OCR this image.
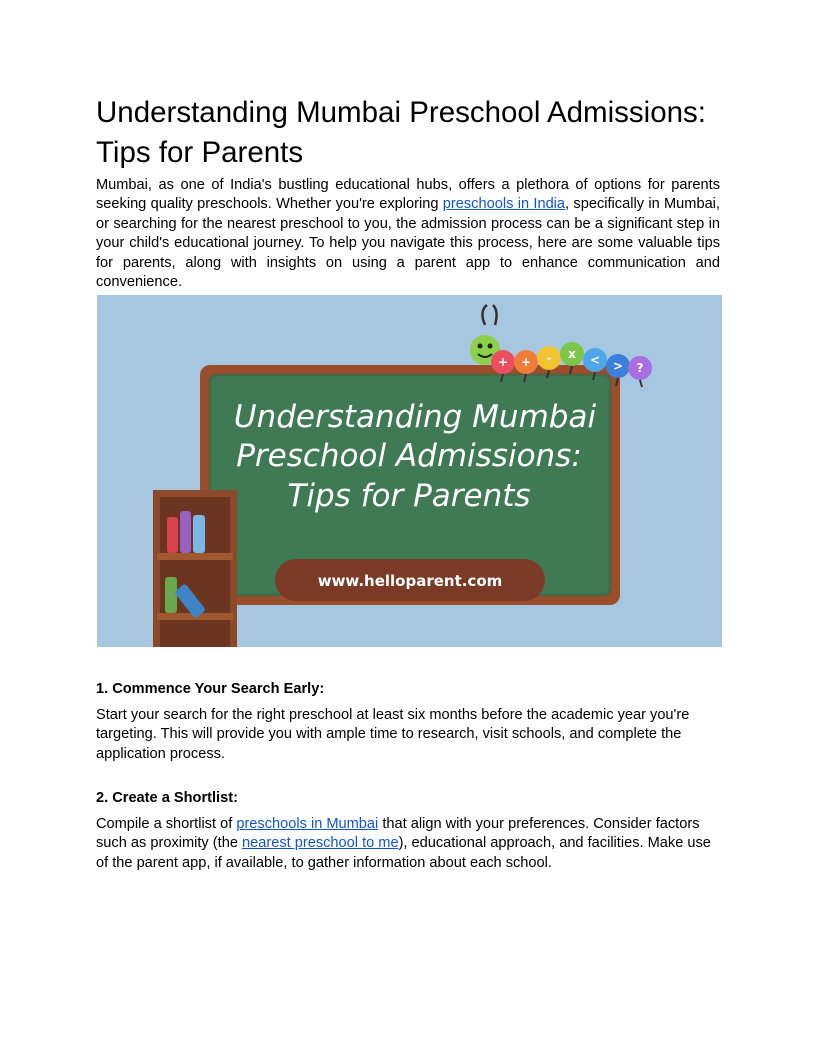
Understanding Mumbai Preschool Admissions: Tips for Parents

Mumbai, as one of India's bustling educational hubs, offers a plethora of options for parents seeking quality preschools. Whether you're exploring preschools in India, specifically in Mumbai, or searching for the nearest preschool to you, the admission process can be a significant step in your child's educational journey. To help you navigate this process, here are some valuable tips for parents, along with insights on using a parent app to enhance communication and convenience.

Understanding Mumbai
Preschool Admissions:
Tips for Parents
www.helloparent.com
+ + - x < > ?
1. Commence Your Search Early:

Start your search for the right preschool at least six months before the academic year you're targeting. This will provide you with ample time to research, visit schools, and complete the application process.

2. Create a Shortlist:

Compile a shortlist of preschools in Mumbai that align with your preferences. Consider factors such as proximity (the nearest preschool to me), educational approach, and facilities. Make use of the parent app, if available, to gather information about each school.
